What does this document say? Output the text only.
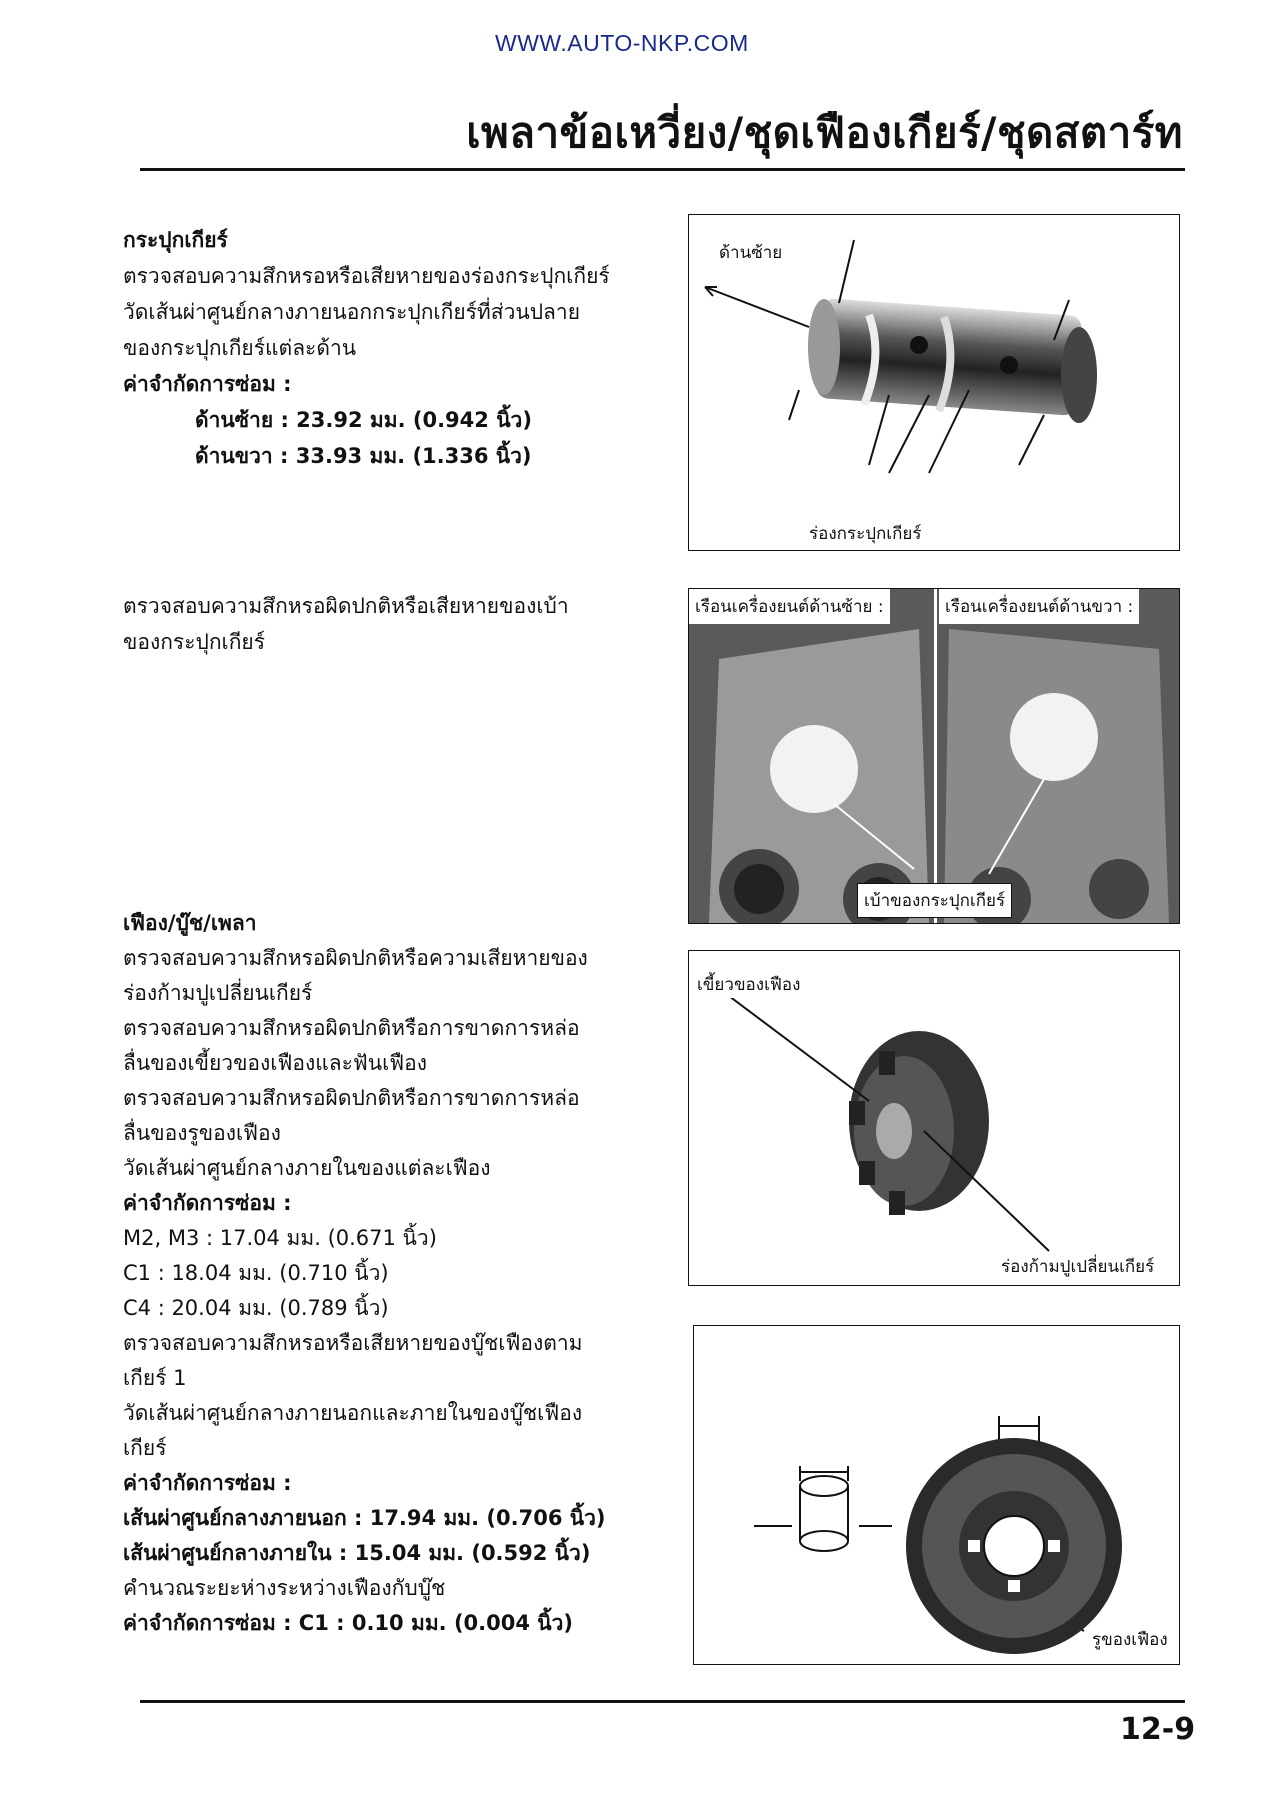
WWW.AUTO-NKP.COM
เพลาข้อเหวี่ยง/ชุดเฟืองเกียร์/ชุดสตาร์ท

กระปุกเกียร์

ตรวจสอบความสึกหรอหรือเสียหายของร่องกระปุกเกียร์

วัดเส้นผ่าศูนย์กลางภายนอกกระปุกเกียร์ที่ส่วนปลาย

ของกระปุกเกียร์แต่ละด้าน

ค่าจำกัดการซ่อม :

ด้านซ้าย : 23.92 มม. (0.942 นิ้ว)

ด้านขวา : 33.93 มม. (1.336 นิ้ว)

ตรวจสอบความสึกหรอผิดปกติหรือเสียหายของเบ้า

ของกระปุกเกียร์

เฟือง/บู๊ช/เพลา

ตรวจสอบความสึกหรอผิดปกติหรือความเสียหายของ

ร่องก้ามปูเปลี่ยนเกียร์

ตรวจสอบความสึกหรอผิดปกติหรือการขาดการหล่อ

ลื่นของเขี้ยวของเฟืองและฟันเฟือง

ตรวจสอบความสึกหรอผิดปกติหรือการขาดการหล่อ

ลื่นของรูของเฟือง

วัดเส้นผ่าศูนย์กลางภายในของแต่ละเฟือง

ค่าจำกัดการซ่อม :

M2, M3 : 17.04 มม. (0.671 นิ้ว)

C1 : 18.04 มม. (0.710 นิ้ว)

C4 : 20.04 มม. (0.789 นิ้ว)

ตรวจสอบความสึกหรอหรือเสียหายของบู๊ชเฟืองตาม

เกียร์ 1

วัดเส้นผ่าศูนย์กลางภายนอกและภายในของบู๊ชเฟือง

เกียร์

ค่าจำกัดการซ่อม :

เส้นผ่าศูนย์กลางภายนอก : 17.94 มม. (0.706 นิ้ว)

เส้นผ่าศูนย์กลางภายใน : 15.04 มม. (0.592 นิ้ว)

คำนวณระยะห่างระหว่างเฟืองกับบู๊ช

ค่าจำกัดการซ่อม : C1 : 0.10 มม. (0.004 นิ้ว)

ด้านซ้าย
ร่องกระปุกเกียร์
เรือนเครื่องยนต์ด้านซ้าย :	เรือนเครื่องยนต์ด้านขวา :
เบ้าของกระปุกเกียร์
เขี้ยวของเฟือง
ร่องก้ามปูเปลี่ยนเกียร์
รูของเฟือง
12-9
